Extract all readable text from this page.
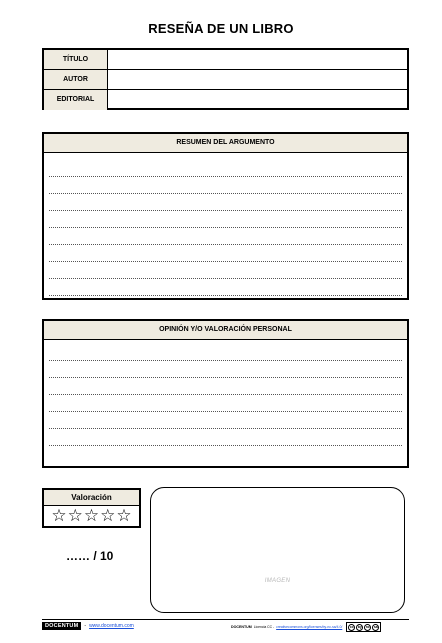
RESEÑA DE UN LIBRO
TÍTULO
AUTOR
EDITORIAL
RESUMEN DEL ARGUMENTO
OPINIÓN Y/O VALORACIÓN PERSONAL
Valoración
☆ ☆ ☆ ☆ ☆
…… / 10
IMAGEN
DOCENTUM	- www.docentum.com	DOCENTUM Licencia CC - creativecommons.org/licenses/by-nc-sa/4.0/	cc	by	nc	sa
